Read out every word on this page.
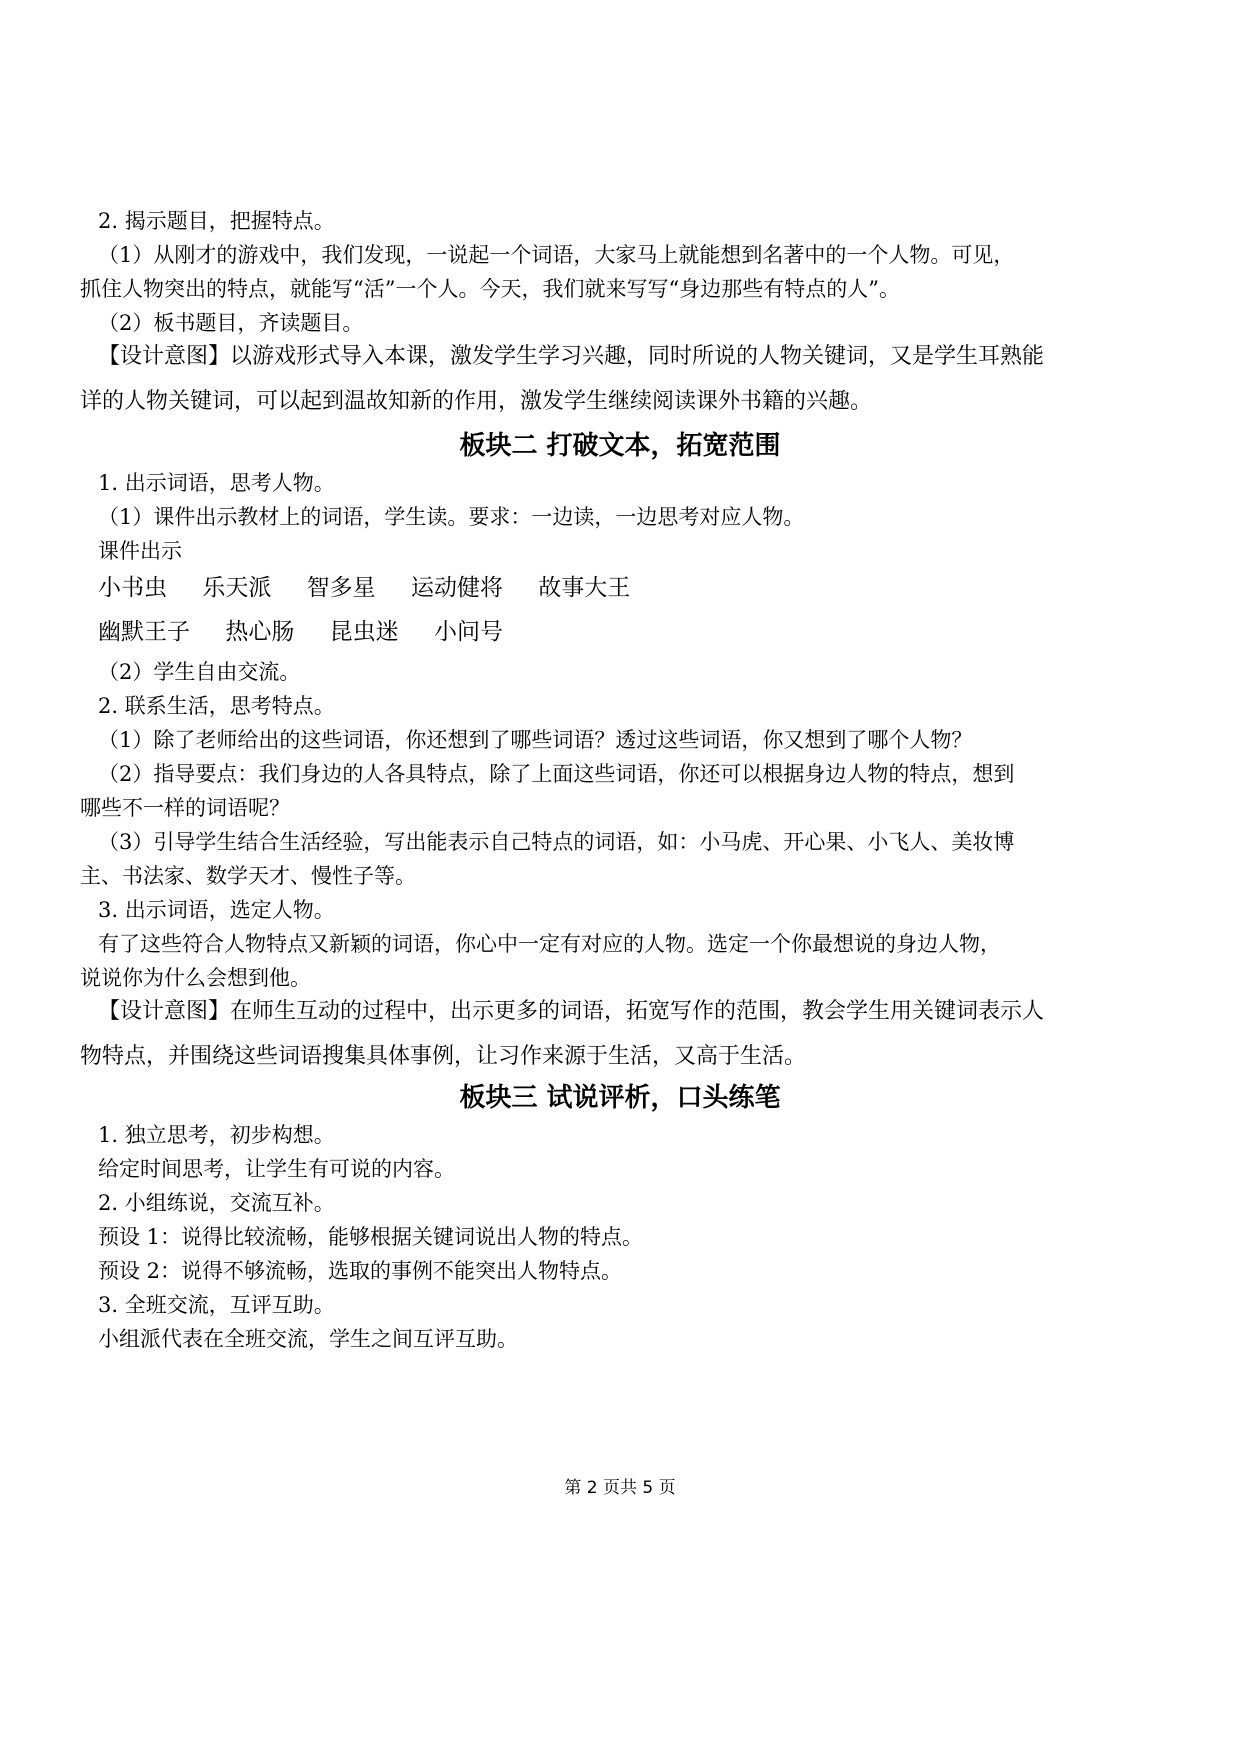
2. 揭示题目，把握特点。
（1）从刚才的游戏中，我们发现，一说起一个词语，大家马上就能想到名著中的一个人物。可见，
抓住人物突出的特点，就能写“活”一个人。今天，我们就来写写“身边那些有特点的人”。
（2）板书题目，齐读题目。
【设计意图】以游戏形式导入本课，激发学生学习兴趣，同时所说的人物关键词，又是学生耳熟能
详的人物关键词，可以起到温故知新的作用，激发学生继续阅读课外书籍的兴趣。
板块二 打破文本，拓宽范围
1. 出示词语，思考人物。
（1）课件出示教材上的词语，学生读。要求：一边读，一边思考对应人物。
课件出示
小书虫 乐天派 智多星 运动健将 故事大王
幽默王子 热心肠 昆虫迷 小问号
（2）学生自由交流。
2. 联系生活，思考特点。
（1）除了老师给出的这些词语，你还想到了哪些词语？透过这些词语，你又想到了哪个人物？
（2）指导要点：我们身边的人各具特点，除了上面这些词语，你还可以根据身边人物的特点，想到
哪些不一样的词语呢？
（3）引导学生结合生活经验，写出能表示自己特点的词语，如：小马虎、开心果、小飞人、美妆博
主、书法家、数学天才、慢性子等。
3. 出示词语，选定人物。
有了这些符合人物特点又新颖的词语，你心中一定有对应的人物。选定一个你最想说的身边人物，
说说你为什么会想到他。
【设计意图】在师生互动的过程中，出示更多的词语，拓宽写作的范围，教会学生用关键词表示人
物特点，并围绕这些词语搜集具体事例，让习作来源于生活，又高于生活。
板块三 试说评析，口头练笔
1. 独立思考，初步构想。
给定时间思考，让学生有可说的内容。
2. 小组练说，交流互补。
预设 1：说得比较流畅，能够根据关键词说出人物的特点。
预设 2：说得不够流畅，选取的事例不能突出人物特点。
3. 全班交流，互评互助。
小组派代表在全班交流，学生之间互评互助。
第 2 页共 5 页
